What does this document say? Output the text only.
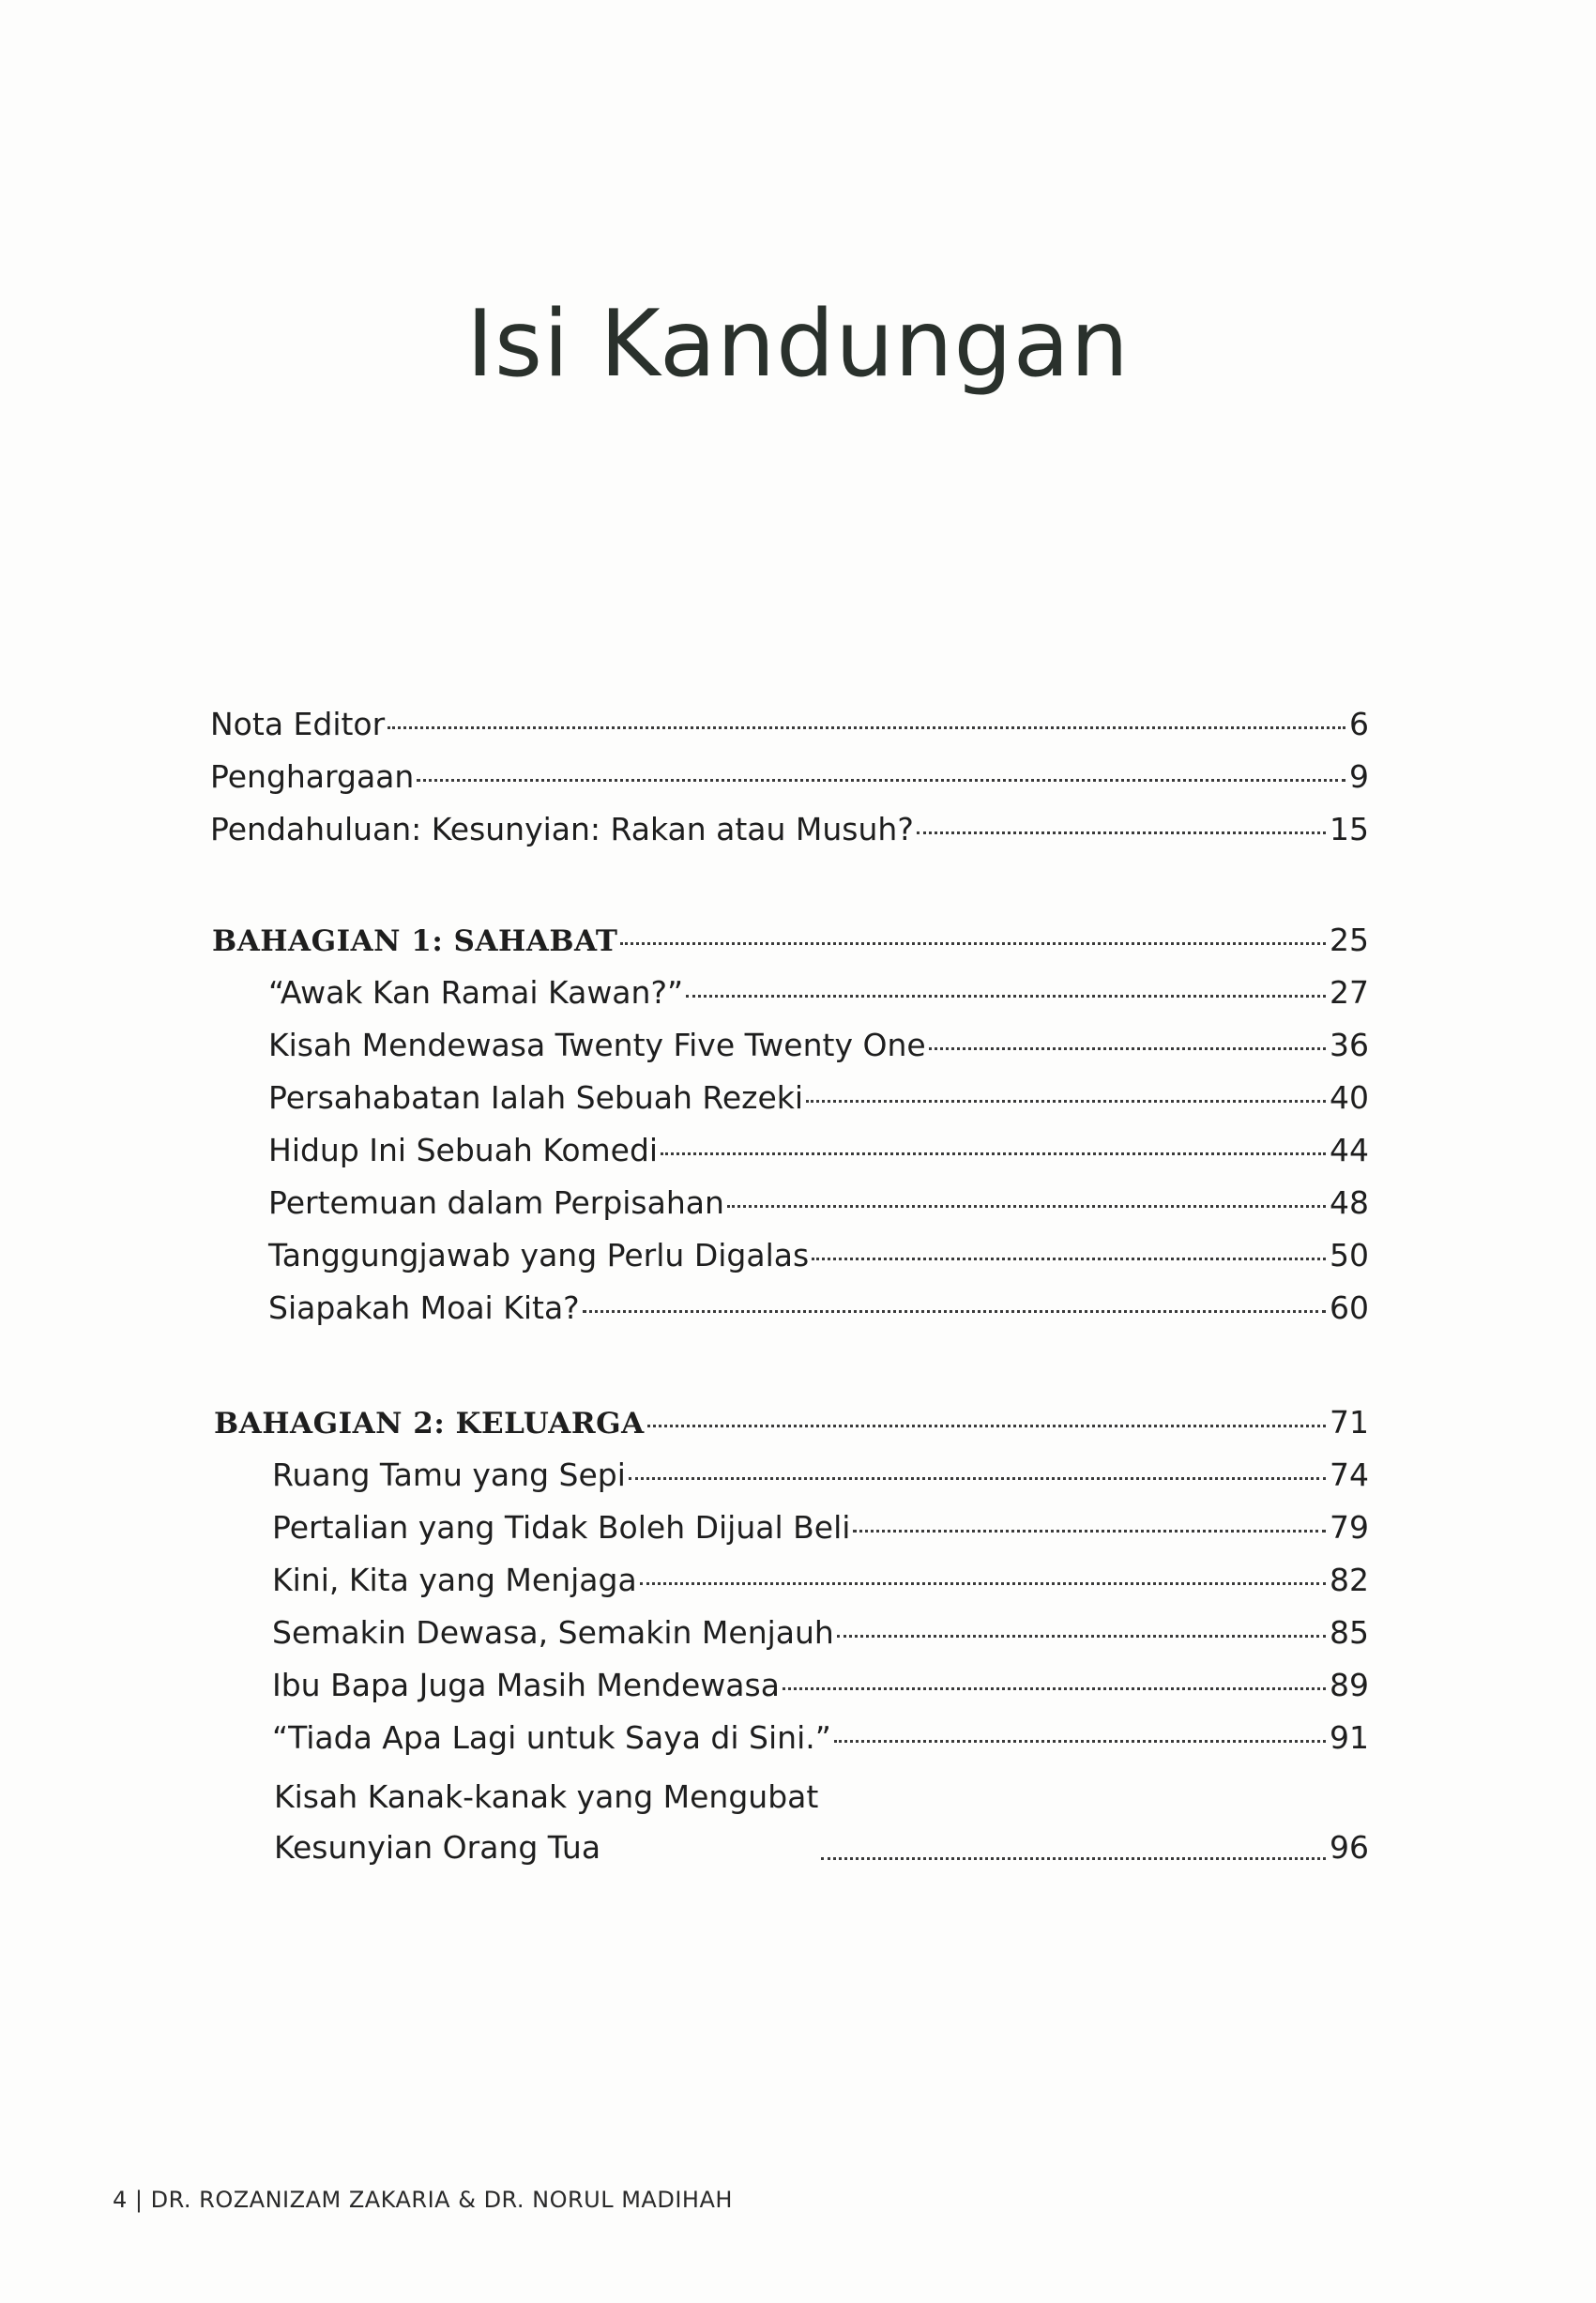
Isi Kandungan
Nota Editor	6
Penghargaan	9
Pendahuluan: Kesunyian: Rakan atau Musuh?	15
BAHAGIAN 1: SAHABAT	25
“Awak Kan Ramai Kawan?”	27
Kisah Mendewasa Twenty Five Twenty One	36
Persahabatan Ialah Sebuah Rezeki	40
Hidup Ini Sebuah Komedi	44
Pertemuan dalam Perpisahan	48
Tanggungjawab yang Perlu Digalas	50
Siapakah Moai Kita?	60
BAHAGIAN 2: KELUARGA	71
Ruang Tamu yang Sepi	74
Pertalian yang Tidak Boleh Dijual Beli	79
Kini, Kita yang Menjaga	82
Semakin Dewasa, Semakin Menjauh	85
Ibu Bapa Juga Masih Mendewasa	89
“Tiada Apa Lagi untuk Saya di Sini.”	91
Kisah Kanak-kanak yang Mengubat
Kesunyian Orang Tua	96
4 | DR. ROZANIZAM ZAKARIA & DR. NORUL MADIHAH
